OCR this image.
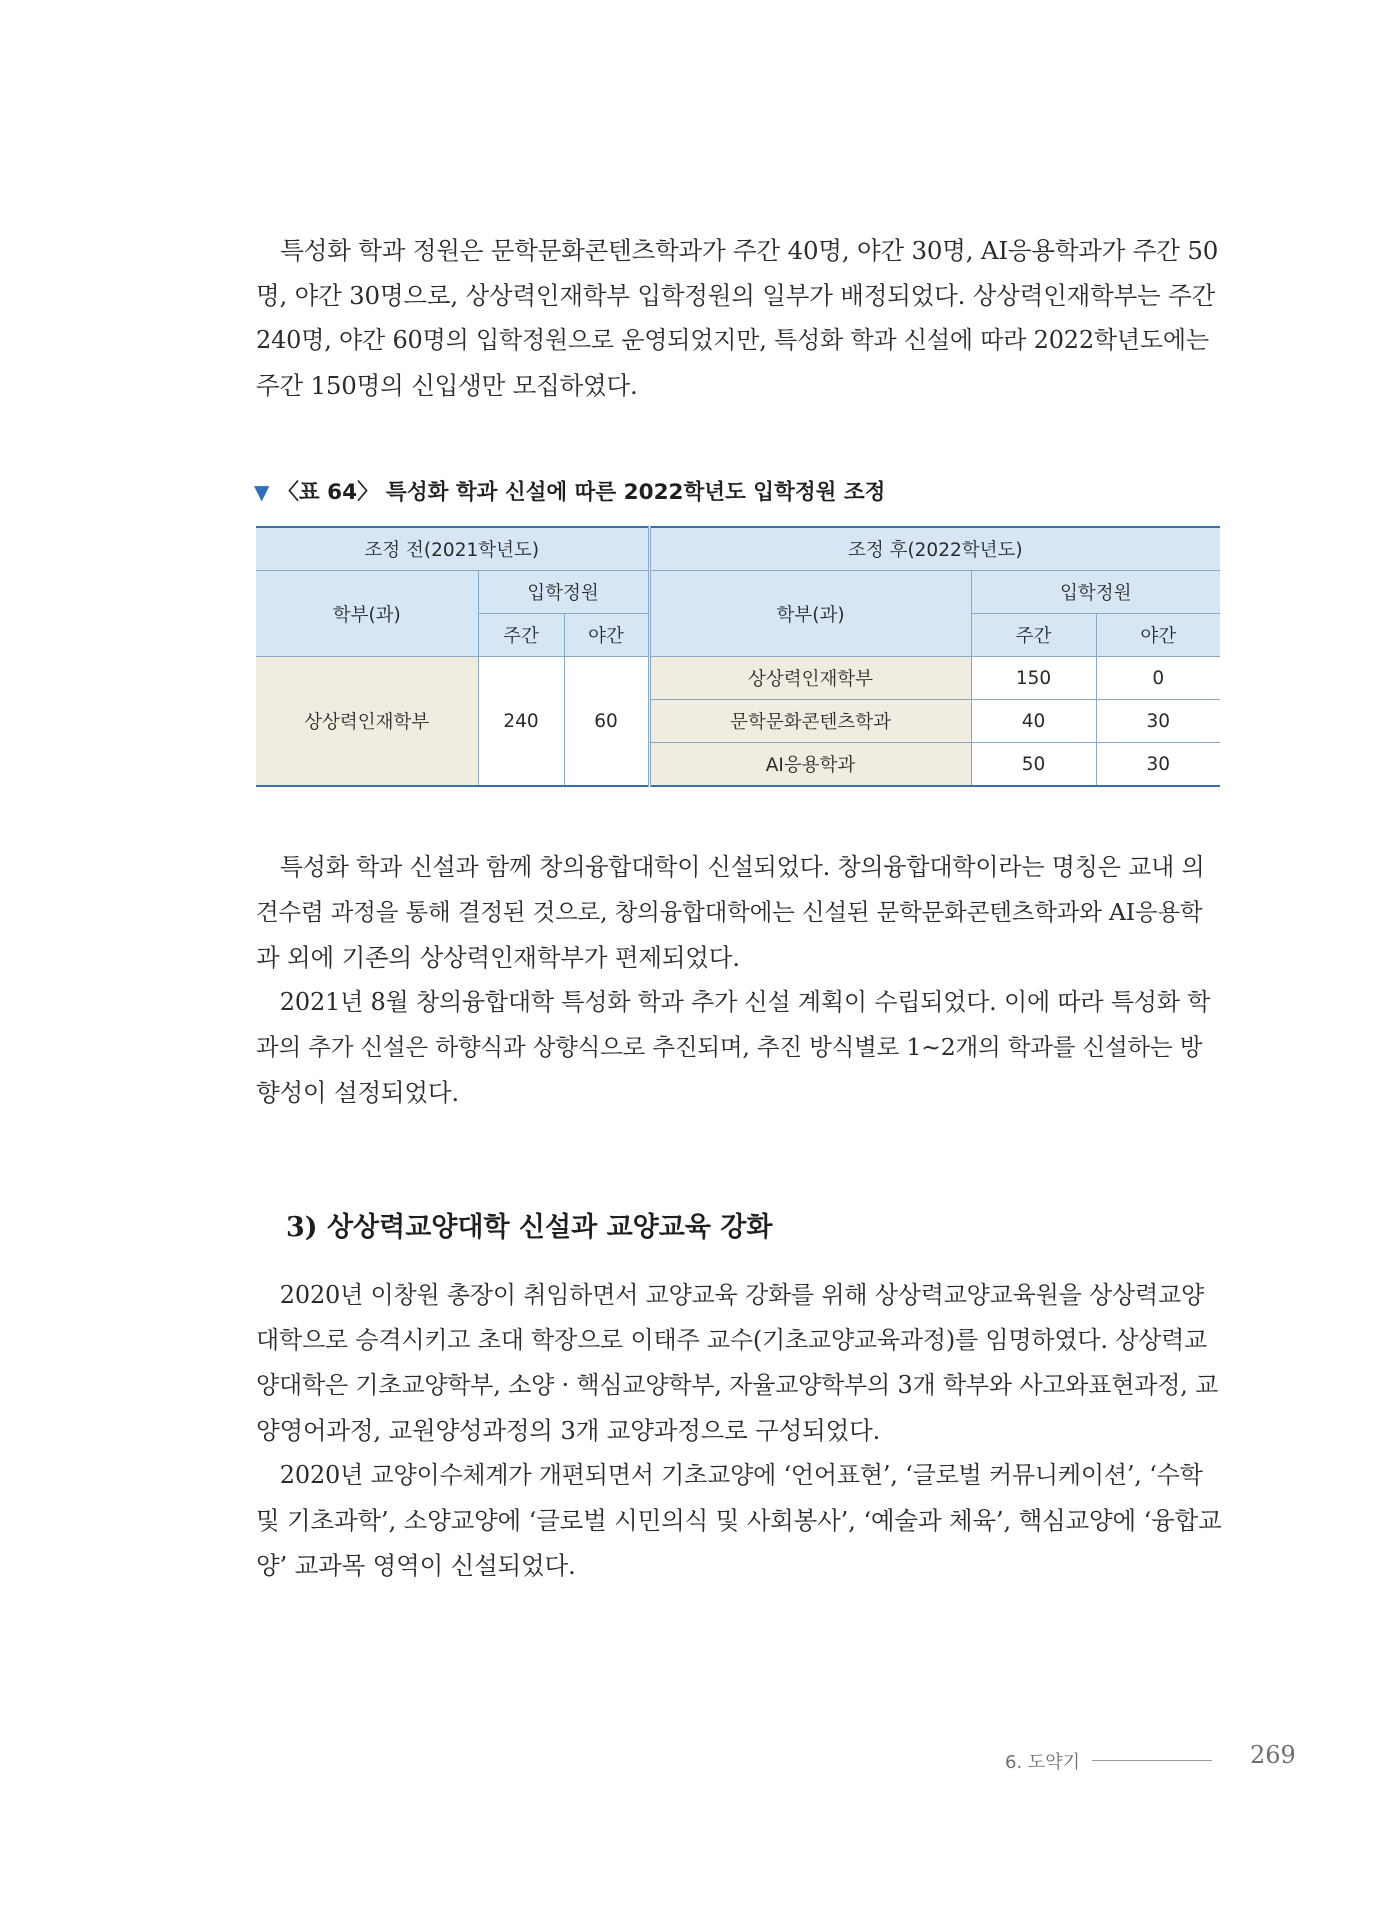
　특성화 학과 정원은 문학문화콘텐츠학과가 주간 40명, 야간 30명, AI응용학과가 주간 50
명, 야간 30명으로, 상상력인재학부 입학정원의 일부가 배정되었다. 상상력인재학부는 주간
240명, 야간 60명의 입학정원으로 운영되었지만, 특성화 학과 신설에 따라 2022학년도에는
주간 150명의 신입생만 모집하였다.

▼ 〈표 64〉 특성화 학과 신설에 따른 2022학년도 입학정원 조정
조정 전(2021학년도)			조정 후(2022학년도)		
학부(과)	입학정원		학부(과)	입학정원	
	주간	야간		주간	야간
상상력인재학부	240	60	상상력인재학부	150	0
			문학문화콘텐츠학과	40	30
			AI응용학과	50	30

　특성화 학과 신설과 함께 창의융합대학이 신설되었다. 창의융합대학이라는 명칭은 교내 의
견수렴 과정을 통해 결정된 것으로, 창의융합대학에는 신설된 문학문화콘텐츠학과와 AI응용학
과 외에 기존의 상상력인재학부가 편제되었다.
　2021년 8월 창의융합대학 특성화 학과 추가 신설 계획이 수립되었다. 이에 따라 특성화 학
과의 추가 신설은 하향식과 상향식으로 추진되며, 추진 방식별로 1~2개의 학과를 신설하는 방
향성이 설정되었다.

3) 상상력교양대학 신설과 교양교육 강화

　2020년 이창원 총장이 취임하면서 교양교육 강화를 위해 상상력교양교육원을 상상력교양
대학으로 승격시키고 초대 학장으로 이태주 교수(기초교양교육과정)를 임명하였다. 상상력교
양대학은 기초교양학부, 소양 · 핵심교양학부, 자율교양학부의 3개 학부와 사고와표현과정, 교
양영어과정, 교원양성과정의 3개 교양과정으로 구성되었다.
　2020년 교양이수체계가 개편되면서 기초교양에 ‘언어표현’, ‘글로벌 커뮤니케이션’, ‘수학
및 기초과학’, 소양교양에 ‘글로벌 시민의식 및 사회봉사’, ‘예술과 체육’, 핵심교양에 ‘융합교
양’ 교과목 영역이 신설되었다.

6. 도약기	269
